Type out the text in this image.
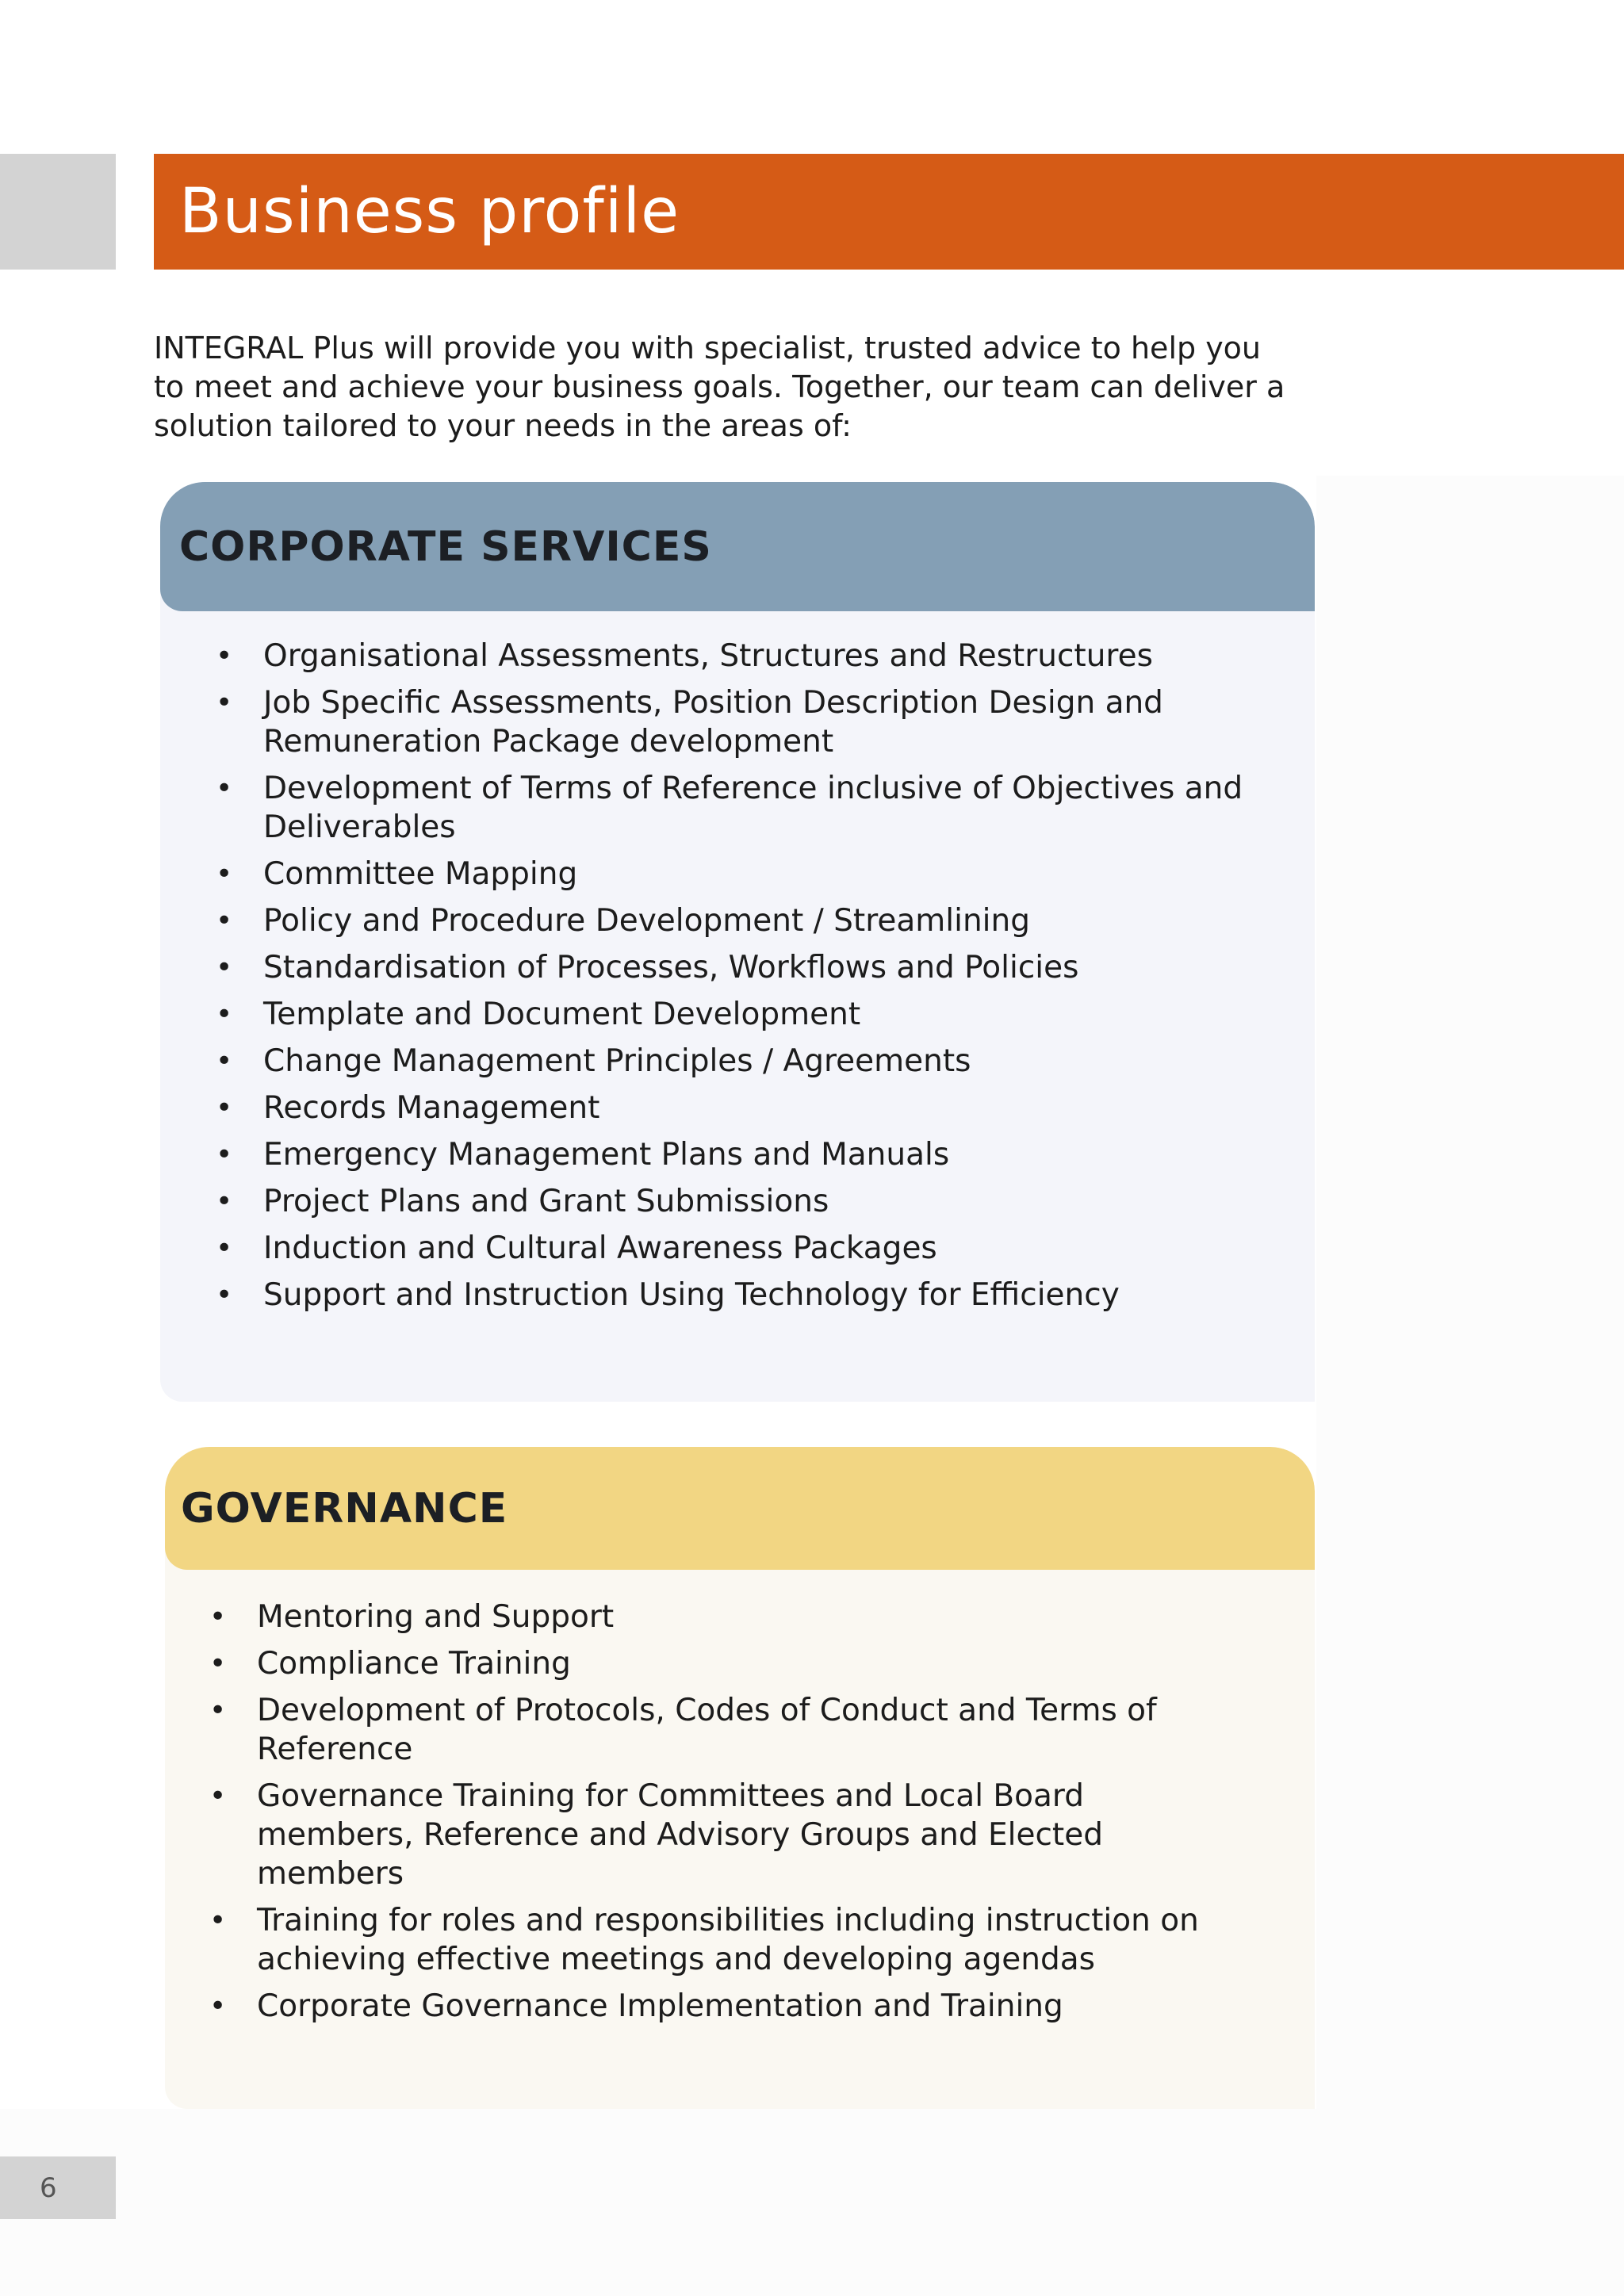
Business profile

INTEGRAL Plus will provide you with specialist, trusted advice to help you to meet and achieve your business goals. Together, our team can deliver a solution tailored to your needs in the areas of:

CORPORATE SERVICES
• Organisational Assessments, Structures and Restructures
• Job Specific Assessments, Position Description Design and Remuneration Package development
• Development of Terms of Reference inclusive of Objectives and Deliverables
• Committee Mapping
• Policy and Procedure Development / Streamlining
• Standardisation of Processes, Workflows and Policies
• Template and Document Development
• Change Management Principles / Agreements
• Records Management
• Emergency Management Plans and Manuals
• Project Plans and Grant Submissions
• Induction and Cultural Awareness Packages
• Support and Instruction Using Technology for Efficiency
GOVERNANCE
• Mentoring and Support
• Compliance Training
• Development of Protocols, Codes of Conduct and Terms of Reference
• Governance Training for Committees and Local Board members, Reference and Advisory Groups and Elected members
• Training for roles and responsibilities including instruction on achieving effective meetings and developing agendas
• Corporate Governance Implementation and Training
6
